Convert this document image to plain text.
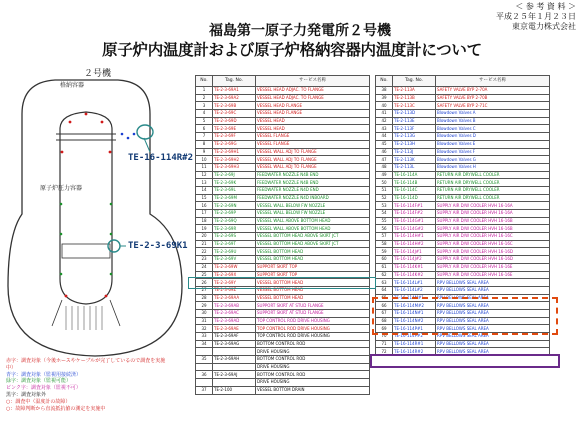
＜ 参 考 資 料 ＞
平成２５年１月２３日
東京電力株式会社
福島第一原子力発電所２号機
原子炉内温度計および原子炉格納容器内温度計について
２号機
格納容器
原子炉圧力容器
TE-16-114R#2
TE-2-3-69K1
赤字：調査対象（今後ホースやケーブルが完了しているので調査を実施中）
青字：調査対象（監視用接続済）
緑字：調査対象（監視可能）
ピンク字：調査対象（監視不可）
黒字：調査対象外
○：調査中（温度計の故障）
○：故障判断から直流抵抗値の測定を実施中
No.	Tag. No.	サービス名称
1	TE-2-3-69A1	VESSEL HEAD ADJAC. TO FLANGE
2	TE-2-3-69A2	VESSEL HEAD ADJAC. TO FLANGE
3	TE-2-3-69B	VESSEL HEAD FLANGE
4	TE-2-3-69C	VESSEL HEAD FLANGE
5	TE-2-3-69D	VESSEL HEAD
6	TE-2-3-69E	VESSEL HEAD
7	TE-2-3-69F	VESSEL FLANGE
8	TE-2-3-69G	VESSEL FLANGE
9	TE-2-3-69H1	VESSEL WALL ADJ TO FLANGE
10	TE-2-3-69H2	VESSEL WALL ADJ TO FLANGE
11	TE-2-3-69H3	VESSEL WALL ADJ TO FLANGE
12	TE-2-3-69J	FEEDWATER NOZZLE N4B END
13	TE-2-3-69K	FEEDWATER NOZZLE N4B END
14	TE-2-3-69L	FEEDWATER NOZZLE N4D END
15	TE-2-3-69M	FEEDWATER NOZZLE N4D INBOARD
16	TE-2-3-69N	VESSEL WALL BELOW FW NOZZLE
17	TE-2-3-69P	VESSEL WALL BELOW FW NOZZLE
18	TE-2-3-69Q	VESSEL WALL ABOVE BOTTOM HEAD
19	TE-2-3-69R	VESSEL WALL ABOVE BOTTOM HEAD
20	TE-2-3-69S	VESSEL BOTTOM HEAD ABOVE SKIRT JCT
21	TE-2-3-69T	VESSEL BOTTOM HEAD ABOVE SKIRT JCT
22	TE-2-3-69U	VESSEL BOTTOM HEAD
23	TE-2-3-69V	VESSEL BOTTOM HEAD
24	TE-2-3-69W	SUPPORT SKIRT TOP
25	TE-2-3-69X	SUPPORT SKIRT TOP
26	TE-2-3-69Y	VESSEL BOTTOM HEAD
27	TE-2-3-69Z	VESSEL BOTTOM HEAD
28	TE-2-3-69AA	VESSEL BOTTOM HEAD
29	TE-2-3-69AB	SUPPORT SKIRT AT STUD FLANGE
30	TE-2-3-69AC	SUPPORT SKIRT AT STUD FLANGE
31	TE-2-3-69AD	TOP CONTROL ROD DRIVE HOUSING
32	TE-2-3-69AE	TOP CONTROL ROD DRIVE HOUSING
33	TE-2-3-69AF	TOP CONTROL ROD DRIVE HOUSING
34	TE-2-3-69AG	BOTTOM CONTROL ROD
		DRIVE HOUSING
35	TE-2-3-69AH	BOTTOM CONTROL ROD
		DRIVE HOUSING
36	TE-2-3-69AJ	BOTTOM CONTROL ROD
		DRIVE HOUSING
37	TE-2-100	VESSEL BOTTOM DRAIN
No.	Tag. No.	サービス名称
38	TE-2-113A	SAFETY VALVE BYP 2-70A
39	TE-2-113B	SAFETY VALVE BYP 2-70B
40	TE-2-113C	SAFETY VALVE BYP 2-71C
41	TE-2-113D	Blowdown Valves A
42	TE-2-113E	Blowdown Valves B
43	TE-2-113F	Blowdown Valves C
44	TE-2-113G	Blowdown Valves D
45	TE-2-113H	Blowdown Valves E
46	TE-2-113J	Blowdown Valves F
47	TE-2-113K	Blowdown Valves G
48	TE-2-113L	Blowdown Valves H
49	TE-16-114A	RETURN AIR DRYWELL COOLER
50	TE-16-114B	RETURN AIR DRYWELL COOLER
51	TE-16-114C	RETURN AIR DRYWELL COOLER
52	TE-16-114D	RETURN AIR DRYWELL COOLER
53	TE-16-114F#1	SUPPLY AIR D/W COOLER HVH 16-16A
54	TE-16-114F#2	SUPPLY AIR D/W COOLER HVH 16-16A
55	TE-16-114G#1	SUPPLY AIR D/W COOLER HVH 16-16B
56	TE-16-114G#2	SUPPLY AIR D/W COOLER HVH 16-16B
57	TE-16-114H#1	SUPPLY AIR D/W COOLER HVH 16-16C
58	TE-16-114H#2	SUPPLY AIR D/W COOLER HVH 16-16C
59	TE-16-114J#1	SUPPLY AIR D/W COOLER HVH 16-16D
60	TE-16-114J#2	SUPPLY AIR D/W COOLER HVH 16-16D
61	TE-16-114K#1	SUPPLY AIR D/W COOLER HVH 16-16E
62	TE-16-114K#2	SUPPLY AIR D/W COOLER HVH 16-16E
63	TE-16-114L#1	RPV BELLOWS SEAL AREA
64	TE-16-114L#2	RPV BELLOWS SEAL AREA
65	TE-16-114M#1	RPV BELLOWS SEAL AREA
66	TE-16-114M#2	RPV BELLOWS SEAL AREA
67	TE-16-114N#1	RPV BELLOWS SEAL AREA
68	TE-16-114N#2	RPV BELLOWS SEAL AREA
69	TE-16-114P#1	RPV BELLOWS SEAL AREA
70	TE-16-114P#2	RPV BELLOWS SEAL AREA
71	TE-16-114R#1	RPV BELLOWS SEAL AREA
72	TE-16-114R#2	RPV BELLOWS SEAL AREA
